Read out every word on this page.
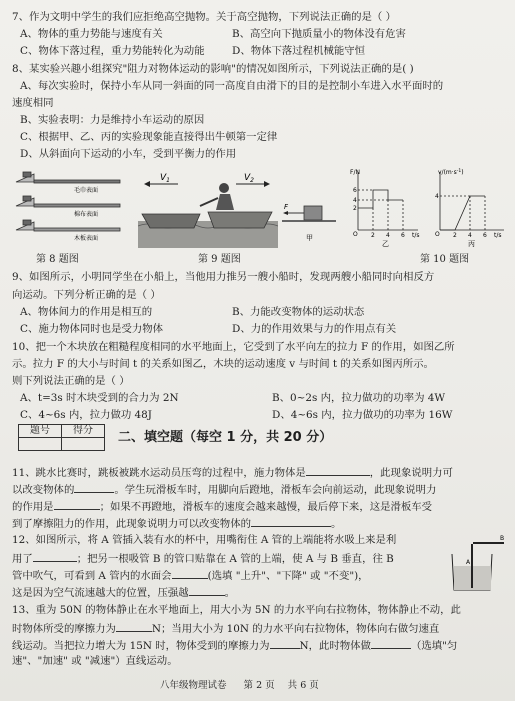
7、作为文明中学生的我们应拒绝高空抛物。关于高空抛物，下列说法正确的是（ ）
A、物体的重力势能与速度有关	B、高空向下抛质量小的物体没有危害
C、物体下落过程，重力势能转化为动能	D、物体下落过程机械能守恒
8、某实验兴趣小组探究"阻力对物体运动的影响"的情况如图所示，下列说法正确的是( )
A、每次实验时，保持小车从同一斜面的同一高度自由滑下的目的是控制小车进入水平面时的
速度相同
B、实验表明：力是维持小车运动的原因
C、根据甲、乙、丙的实验现象能直接得出牛顿第一定律
D、从斜面向下运动的小车，受到平衡力的作用
毛巾表面
棉布表面
木板表面
$V_1$	$V_2$
F
甲
F/N
6
4
2
O 2 4 6 t/s
乙
$v/(m\cdot s^{-1})$
4
O 2 4 6 t/s
丙
第 8 题图	第 9 题图	第 10 题图
9、如图所示，小明同学坐在小船上，当他用力推另一艘小船时，发现两艘小船同时向相反方
向运动。下列分析正确的是（ ）
A、物体间力的作用是相互的	B、力能改变物体的运动状态
C、施力物体同时也是受力物体	D、力的作用效果与力的作用点有关
10、把一个木块放在粗糙程度相同的水平地面上，它受到了水平向左的拉力 F 的作用，如图乙所
示。拉力 F 的大小与时间 t 的关系如图乙，木块的运动速度 v 与时间 t 的关系如图丙所示。
则下列说法正确的是（ ）
A、t=3s 时木块受到的合力为 2N	B、0~2s 内，拉力做功的功率为 4W
C、4~6s 内，拉力做功 48J	D、4~6s 内，拉力做功的功率为 16W
题号	得分
	二、填空题（每空 1 分，共 20 分）
11、跳水比赛时，跳板被跳水运动员压弯的过程中，施力物体是	，此现象说明力可
以改变物体的	。学生玩滑板车时，用脚向后蹬地，滑板车会向前运动，此现象说明力
的作用是	；如果不再蹬地，滑板车的速度会越来越慢，最后停下来，这是滑板车受
到了摩擦阻力的作用，此现象说明力可以改变物体的	。
12、如图所示，将 A 管插入装有水的杯中，用嘴衔住 A 管的上端能将水吸上来是利
用了	；把另一根吸管 B 的管口贴靠在 A 管的上端，使 A 与 B 垂直，往 B
管中吹气，可看到 A 管内的水面会	(选填 "上升"、"下降" 或 "不变")，
这是因为空气流速越大的位置，压强越	。
A
B
13、重为 50N 的物体静止在水平地面上，用大小为 5N 的力水平向右拉物体，物体静止不动，此
时物体所受的摩擦力为	N；当用大小为 10N 的力水平向右拉物体，物体向右做匀速直
线运动。当把拉力增大为 15N 时，物体受到的摩擦力为	N，此时物体做	（选填"匀
速"、"加速" 或 "减速"）直线运动。
八年级物理试卷 第 2 页 共 6 页
